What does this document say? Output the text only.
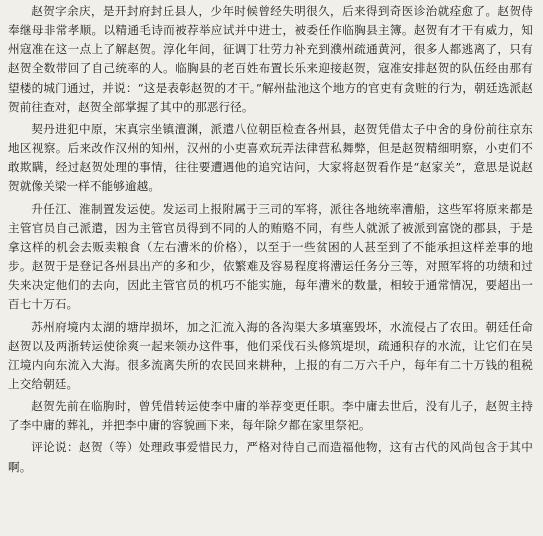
赵贺字余庆，是开封府封丘县人，少年时候曾经失明很久，后来得到奇医诊治就痊愈了。赵贺侍奉继母非常孝顺。以精通毛诗而被荐举应试并中进士，被委任作临胸县主簿。赵贺有才干有威力，知州寇准在这一点上了解赵贺。淳化年间，征调丁壮劳力补充到濮州疏通黄河，很多人都逃离了，只有赵贺全数带回了自己统率的人。临胸县的老百姓布置长乐来迎接赵贺，寇准安排赵贺的队伍经由那有望楼的城门通过，并说：“这是表彰赵贺的才干。”解州盐池这个地方的官吏有贪赃的行为，朝廷选派赵贺前往查对，赵贺全部掌握了其中的那恶行径。

契丹进犯中原，宋真宗坐镇澶渊，派遣八位朝臣检查各州县，赵贺凭借太子中舍的身份前往京东地区视察。后来改作汉州的知州，汉州的小吏喜欢玩弄法律营私舞弊，但是赵贺精细明察，小吏们不敢欺瞒，经过赵贺处理的事情，往往要遭遇他的追究诘问，大家将赵贺看作是“赵家关”，意思是说赵贺就像关梁一样不能够逾越。

升任江、淮制置发运使。发运司上报附属于三司的军将，派往各地统率漕船，这些军将原来都是主管官员自己派遣，因为主管官员得到不同的人的贿赂不同，有些人就派了被派到富饶的郡县，于是拿这样的机会去贩卖粮食（左右漕米的价格），以至于一些贫困的人甚至到了不能承担这样差事的地步。赵贺于是登记各州县出产的多和少，依繁难及容易程度将漕运任务分三等，对照军将的功绩和过失来决定他们的去向，因此主管官员的机巧不能实施，每年漕米的数量，相较于通常情况，要超出一百七十万石。

苏州府境内太湖的塘岸损坏，加之汇流入海的各沟渠大多填塞毁坏，水流侵占了农田。朝廷任命赵贺以及两浙转运使徐爽一起来领办这件事，他们采伐石头修筑堤坝，疏通积存的水流，让它们在吴江境内向东流入大海。很多流离失所的农民回来耕种，上报的有二万六千户，每年有二十万钱的租税上交给朝廷。

赵贺先前在临朐时，曾凭借转运使李中庸的举荐变更任职。李中庸去世后，没有儿子，赵贺主持了李中庸的葬礼，并把李中庸的容貌画下来，每年除夕都在家里祭祀。

评论说：赵贺（等）处理政事爱惜民力，严格对待自己而造福他物，这有古代的风尚包含于其中啊。
